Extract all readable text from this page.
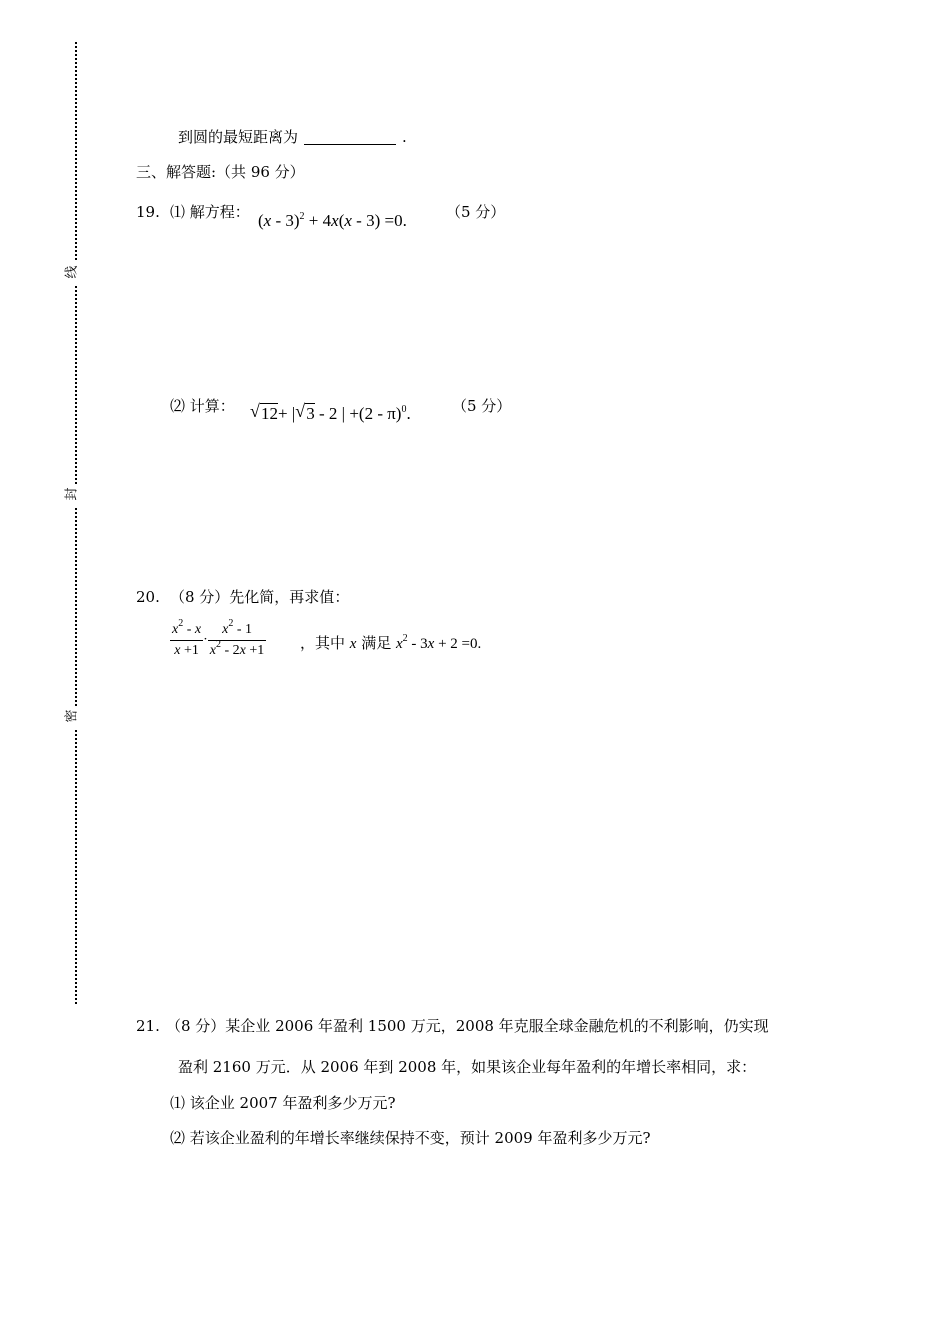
线
封
密
到圆的最短距离为	.
三、解答题:（共 96 分）
19. ⑴ 解方程： (x - 3)$^2$ + 4x(x - 3) =0.	（5 分）
⑵ 计算： √ 12+ | √ 3 - 2 | +(2 - π)$^0$.	（5 分）
20. （8 分）先化简，再求值：
$\frac{x^2 - x}{x +1} \cdot \frac{x^2 - 1}{x^2 - 2x +1}$ ，其中 x 满足 $x^2 - 3x + 2 =0$.
21. （8 分）某企业 2006 年盈利 1500 万元，2008 年克服全球金融危机的不利影响，仍实现
盈利 2160 万元．从 2006 年到 2008 年，如果该企业每年盈利的年增长率相同，求：
⑴ 该企业 2007 年盈利多少万元?
⑵ 若该企业盈利的年增长率继续保持不变，预计 2009 年盈利多少万元?
